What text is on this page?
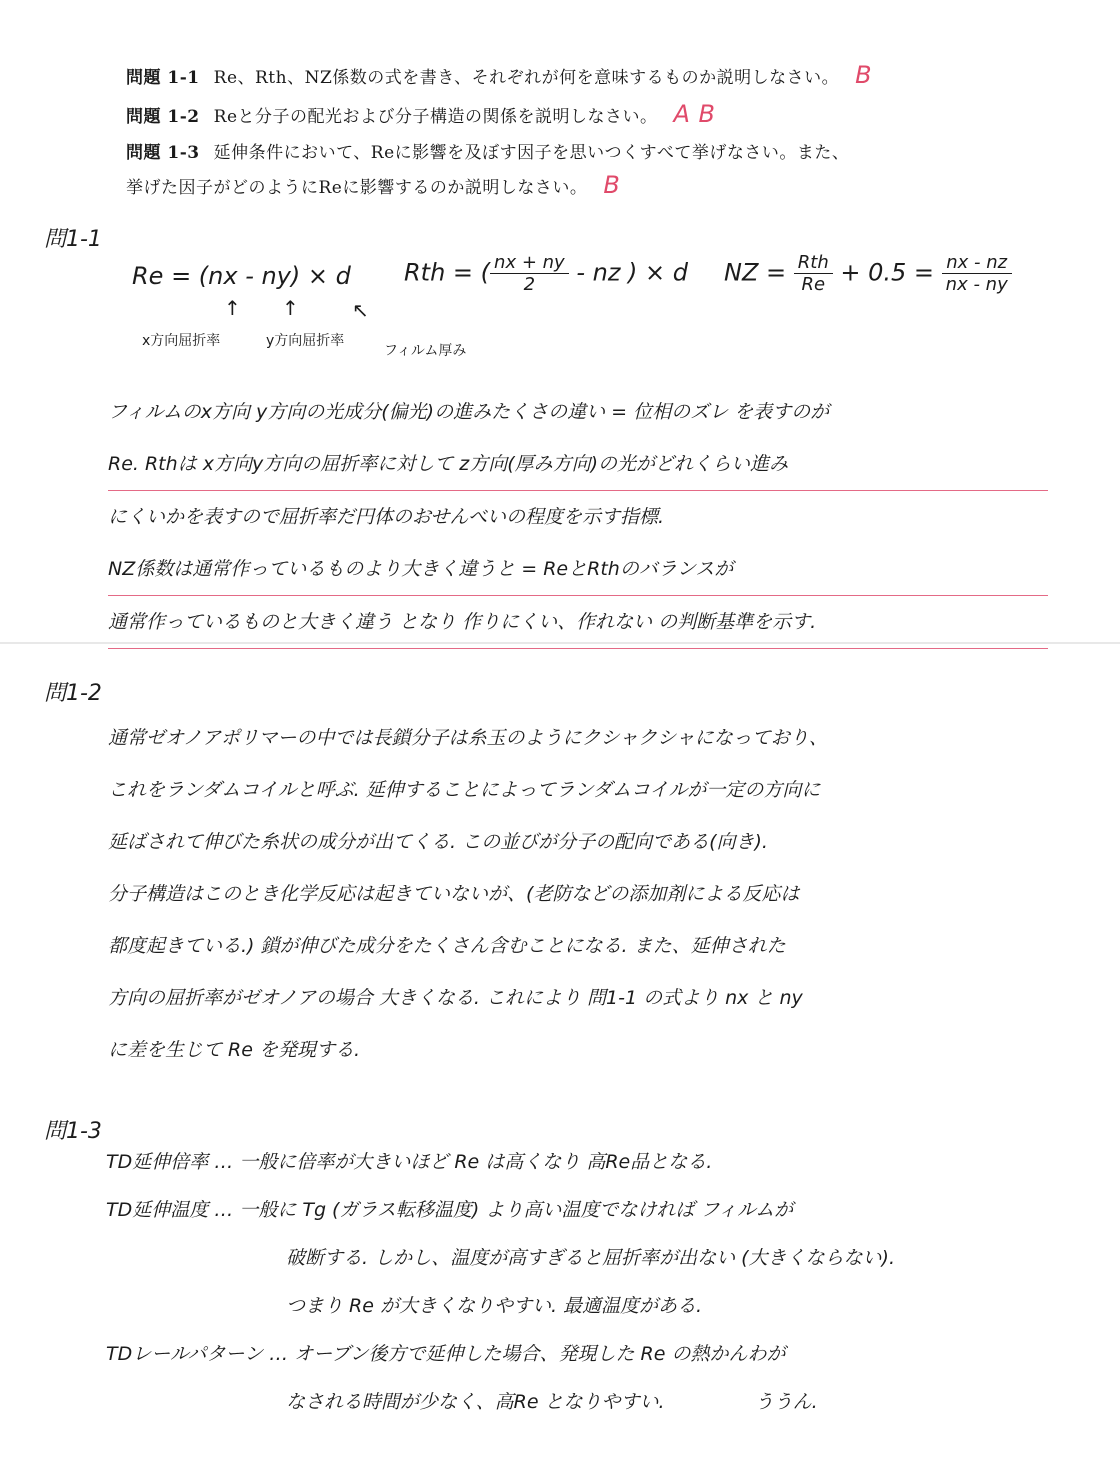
問題 1-1 Re、Rth、NZ係数の式を書き、それぞれが何を意味するものか説明しなさい。 B
問題 1-2 Reと分子の配光および分子構造の関係を説明しなさい。 A B
問題 1-3 延伸条件において、Reに影響を及ぼす因子を思いつくすべて挙げなさい。また、
挙げた因子がどのようにReに影響するのか説明しなさい。 B
問1-1
Re = (nx - ny) × d Rth = ( $\frac{nx + ny}{2}$ - nz ) × d NZ = $\frac{\text{Rth}}{Re} + 0.5 = \frac{nx - nz}{nx - ny}$
↑ ↑	↖
x方向屈折率	y方向屈折率
フィルム厚み
フィルムのx方向 y方向の光成分(偏光)の進みたくさの違い = 位相のズレ を表すのが
Re. Rthは x方向y方向の屈折率に対して z方向(厚み方向)の光がどれくらい進み
にくいかを表すので屈折率だ円体のおせんべいの程度を示す指標.
NZ係数は通常作っているものより大きく違うと = ReとRthのバランスが
通常作っているものと大きく違う となり 作りにくい、作れない の判断基準を示す.
問1-2
通常ゼオノアポリマーの中では長鎖分子は糸玉のようにクシャクシャになっており、
これをランダムコイルと呼ぶ. 延伸することによってランダムコイルが一定の方向に
延ばされて伸びた糸状の成分が出てくる. この並びが分子の配向である(向き).
分子構造はこのとき化学反応は起きていないが、(老防などの添加剤による反応は
都度起きている.) 鎖が伸びた成分をたくさん含むことになる. また、延伸された
方向の屈折率がゼオノアの場合 大きくなる. これにより 問1-1 の式より nx と ny
に差を生じて Re を発現する.
問1-3
TD延伸倍率 … 一般に倍率が大きいほど Re は高くなり 高Re品となる.
TD延伸温度 … 一般に Tg (ガラス転移温度) より高い温度でなければ フィルムが
破断する. しかし、温度が高すぎると屈折率が出ない (大きくならない).
つまり Re が大きくなりやすい. 最適温度がある.
TDレールパターン … オーブン後方で延伸した場合、発現した Re の熱かんわが
なされる時間が少なく、高Re となりやすい.	ううん.
